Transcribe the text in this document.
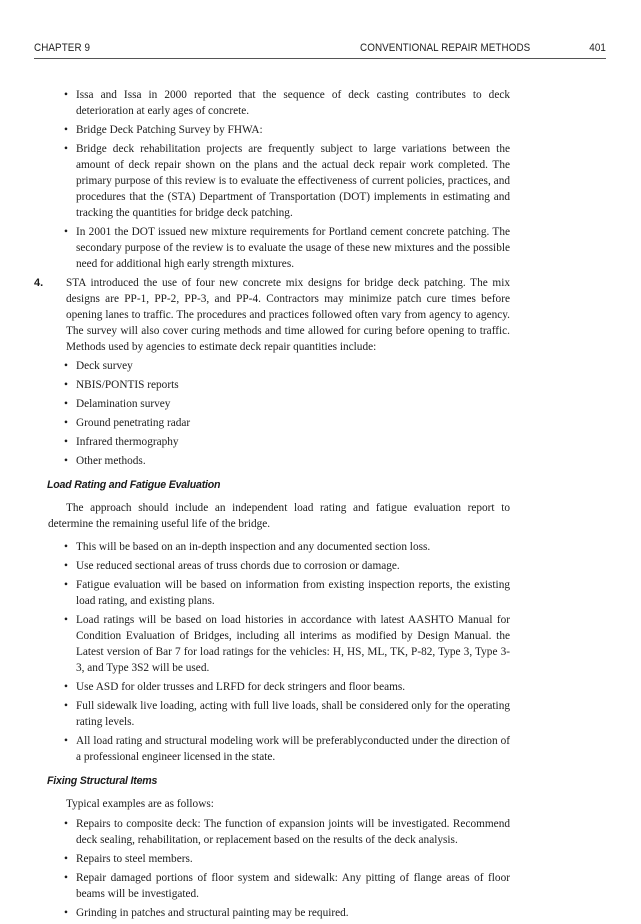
CHAPTER 9	CONVENTIONAL REPAIR METHODS	401
• Issa and Issa in 2000 reported that the sequence of deck casting contributes to deck deterioration at early ages of concrete.
• Bridge Deck Patching Survey by FHWA:
• Bridge deck rehabilitation projects are frequently subject to large variations between the amount of deck repair shown on the plans and the actual deck repair work completed. The primary purpose of this review is to evaluate the effectiveness of current policies, practices, and procedures that the (STA) Department of Transportation (DOT) implements in estimating and tracking the quantities for bridge deck patching.
• In 2001 the DOT issued new mixture requirements for Portland cement concrete patching. The secondary purpose of the review is to evaluate the usage of these new mixtures and the possible need for additional high early strength mixtures.
4. STA introduced the use of four new concrete mix designs for bridge deck patching. The mix designs are PP-1, PP-2, PP-3, and PP-4. Contractors may minimize patch cure times before opening lanes to traffic. The procedures and practices followed often vary from agency to agency. The survey will also cover curing methods and time allowed for curing before opening to traffic. Methods used by agencies to estimate deck repair quantities include:
• Deck survey
• NBIS/PONTIS reports
• Delamination survey
• Ground penetrating radar
• Infrared thermography
• Other methods.
Load Rating and Fatigue Evaluation
The approach should include an independent load rating and fatigue evaluation report to determine the remaining useful life of the bridge.
• This will be based on an in-depth inspection and any documented section loss.
• Use reduced sectional areas of truss chords due to corrosion or damage.
• Fatigue evaluation will be based on information from existing inspection reports, the existing load rating, and existing plans.
• Load ratings will be based on load histories in accordance with latest AASHTO Manual for Condition Evaluation of Bridges, including all interims as modified by Design Manual. the Latest version of Bar 7 for load ratings for the vehicles: H, HS, ML, TK, P-82, Type 3, Type 3-3, and Type 3S2 will be used.
• Use ASD for older trusses and LRFD for deck stringers and floor beams.
• Full sidewalk live loading, acting with full live loads, shall be considered only for the operating rating levels.
• All load rating and structural modeling work will be preferablyconducted under the direction of a professional engineer licensed in the state.
Fixing Structural Items
Typical examples are as follows:
• Repairs to composite deck: The function of expansion joints will be investigated. Recommend deck sealing, rehabilitation, or replacement based on the results of the deck analysis.
• Repairs to steel members.
• Repair damaged portions of floor system and sidewalk: Any pitting of flange areas of floor beams will be investigated.
• Grinding in patches and structural painting may be required.
